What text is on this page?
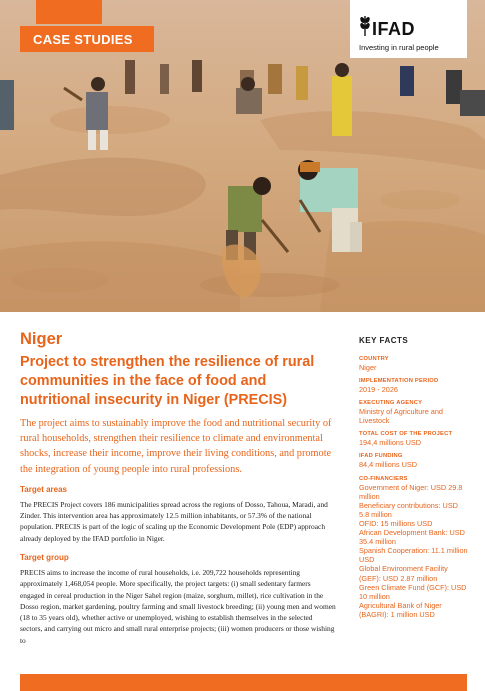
CASE STUDIES
IFAD
Investing in rural people
Niger
Project to strengthen the resilience of rural communities in the face of food and nutritional insecurity in Niger (PRECIS)

The project aims to sustainably improve the food and nutritional security of rural households, strengthen their resilience to climate and environmental shocks, increase their income, improve their living conditions, and promote the integration of young people into rural professions.

Target areas

The PRECIS Project covers 186 municipalities spread across the regions of Dosso, Tahoua, Maradi, and Zinder. This intervention area has approximately 12.5 million inhabitants, or 57.3% of the national population. PRECIS is part of the logic of scaling up the Economic Development Pole (EDP) approach already deployed by the IFAD portfolio in Niger.

Target group

PRECIS aims to increase the income of rural households, i.e. 209,722 households representing approximately 1,468,054 people. More specifically, the project targets: (i) small sedentary farmers engaged in cereal production in the Niger Sahel region (maize, sorghum, millet), rice cultivation in the Dosso region, market gardening, poultry farming and small livestock breeding; (ii) young men and women (18 to 35 years old), whether active or unemployed, wishing to establish themselves in the selected sectors, and carrying out micro and small rural enterprise projects; (iii) women producers or those wishing to

KEY FACTS

COUNTRY

Niger

IMPLEMENTATION PERIOD

2019 - 2026

EXECUTING AGENCY

Ministry of Agriculture and Livestock

TOTAL COST OF THE PROJECT

194,4 millions USD

IFAD FUNDING

84,4 millions USD

CO-FINANCIERS

Government of Niger: USD 29.8 million
Beneficiary contributions: USD 5.8 million
OFID: 15 millions USD
African Development Bank: USD 35.4 million
Spanish Cooperation: 11.1 million USD
Global Environment Facility (GEF): USD 2.87 million
Green Climate Fund (GCF): USD 10 million
Agricultural Bank of Niger (BAGRI): 1 million USD
